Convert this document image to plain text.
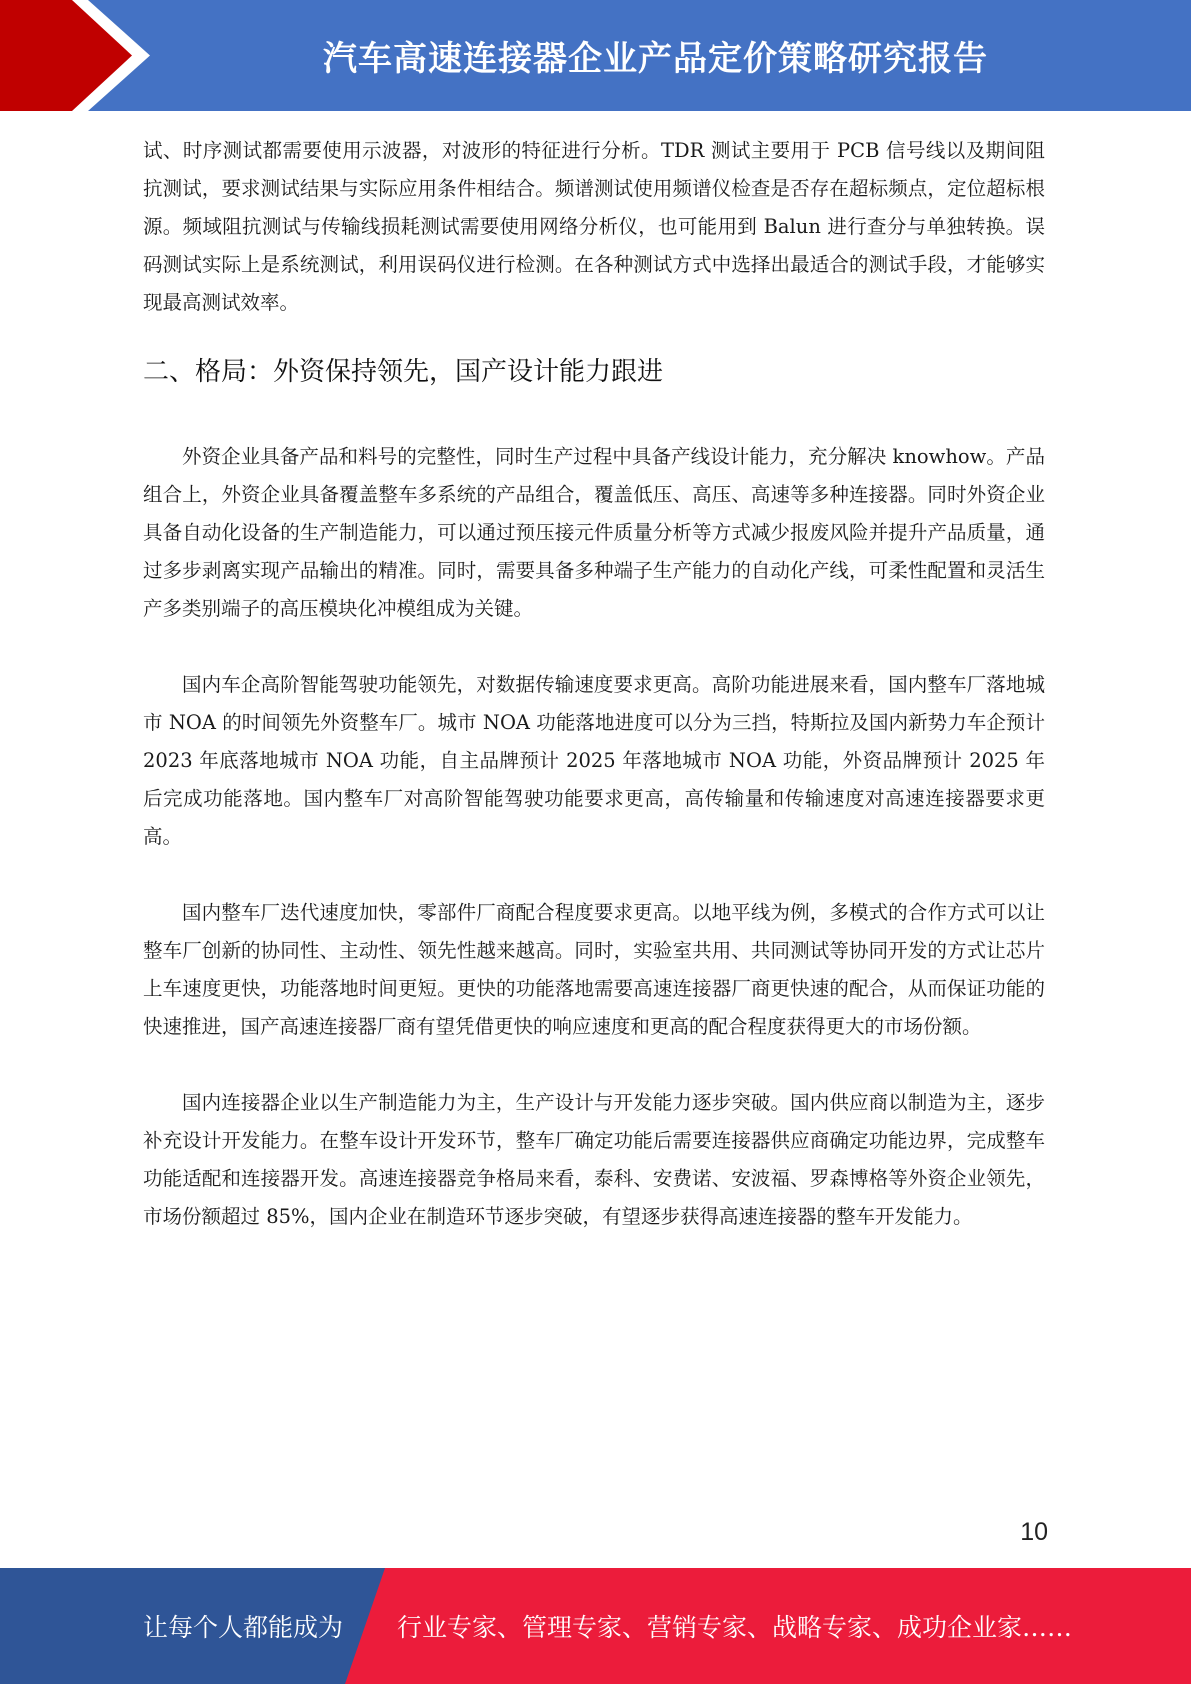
汽车高速连接器企业产品定价策略研究报告

试、时序测试都需要使用示波器，对波形的特征进行分析。TDR 测试主要用于 PCB 信号线以及期间阻抗测试，要求测试结果与实际应用条件相结合。频谱测试使用频谱仪检查是否存在超标频点，定位超标根源。频域阻抗测试与传输线损耗测试需要使用网络分析仪，也可能用到 Balun 进行查分与单独转换。误码测试实际上是系统测试，利用误码仪进行检测。在各种测试方式中选择出最适合的测试手段，才能够实现最高测试效率。

二、格局：外资保持领先，国产设计能力跟进

外资企业具备产品和料号的完整性，同时生产过程中具备产线设计能力，充分解决 knowhow。产品组合上，外资企业具备覆盖整车多系统的产品组合，覆盖低压、高压、高速等多种连接器。同时外资企业具备自动化设备的生产制造能力，可以通过预压接元件质量分析等方式减少报废风险并提升产品质量，通过多步剥离实现产品输出的精准。同时，需要具备多种端子生产能力的自动化产线，可柔性配置和灵活生产多类别端子的高压模块化冲模组成为关键。

国内车企高阶智能驾驶功能领先，对数据传输速度要求更高。高阶功能进展来看，国内整车厂落地城市 NOA 的时间领先外资整车厂。城市 NOA 功能落地进度可以分为三挡，特斯拉及国内新势力车企预计 2023 年底落地城市 NOA 功能，自主品牌预计 2025 年落地城市 NOA 功能，外资品牌预计 2025 年后完成功能落地。国内整车厂对高阶智能驾驶功能要求更高，高传输量和传输速度对高速连接器要求更高。

国内整车厂迭代速度加快，零部件厂商配合程度要求更高。以地平线为例，多模式的合作方式可以让整车厂创新的协同性、主动性、领先性越来越高。同时，实验室共用、共同测试等协同开发的方式让芯片上车速度更快，功能落地时间更短。更快的功能落地需要高速连接器厂商更快速的配合，从而保证功能的快速推进，国产高速连接器厂商有望凭借更快的响应速度和更高的配合程度获得更大的市场份额。

国内连接器企业以生产制造能力为主，生产设计与开发能力逐步突破。国内供应商以制造为主，逐步补充设计开发能力。在整车设计开发环节，整车厂确定功能后需要连接器供应商确定功能边界，完成整车功能适配和连接器开发。高速连接器竞争格局来看，泰科、安费诺、安波福、罗森博格等外资企业领先，市场份额超过 85%，国内企业在制造环节逐步突破，有望逐步获得高速连接器的整车开发能力。

10
让每个人都能成为 行业专家、管理专家、营销专家、战略专家、成功企业家……
